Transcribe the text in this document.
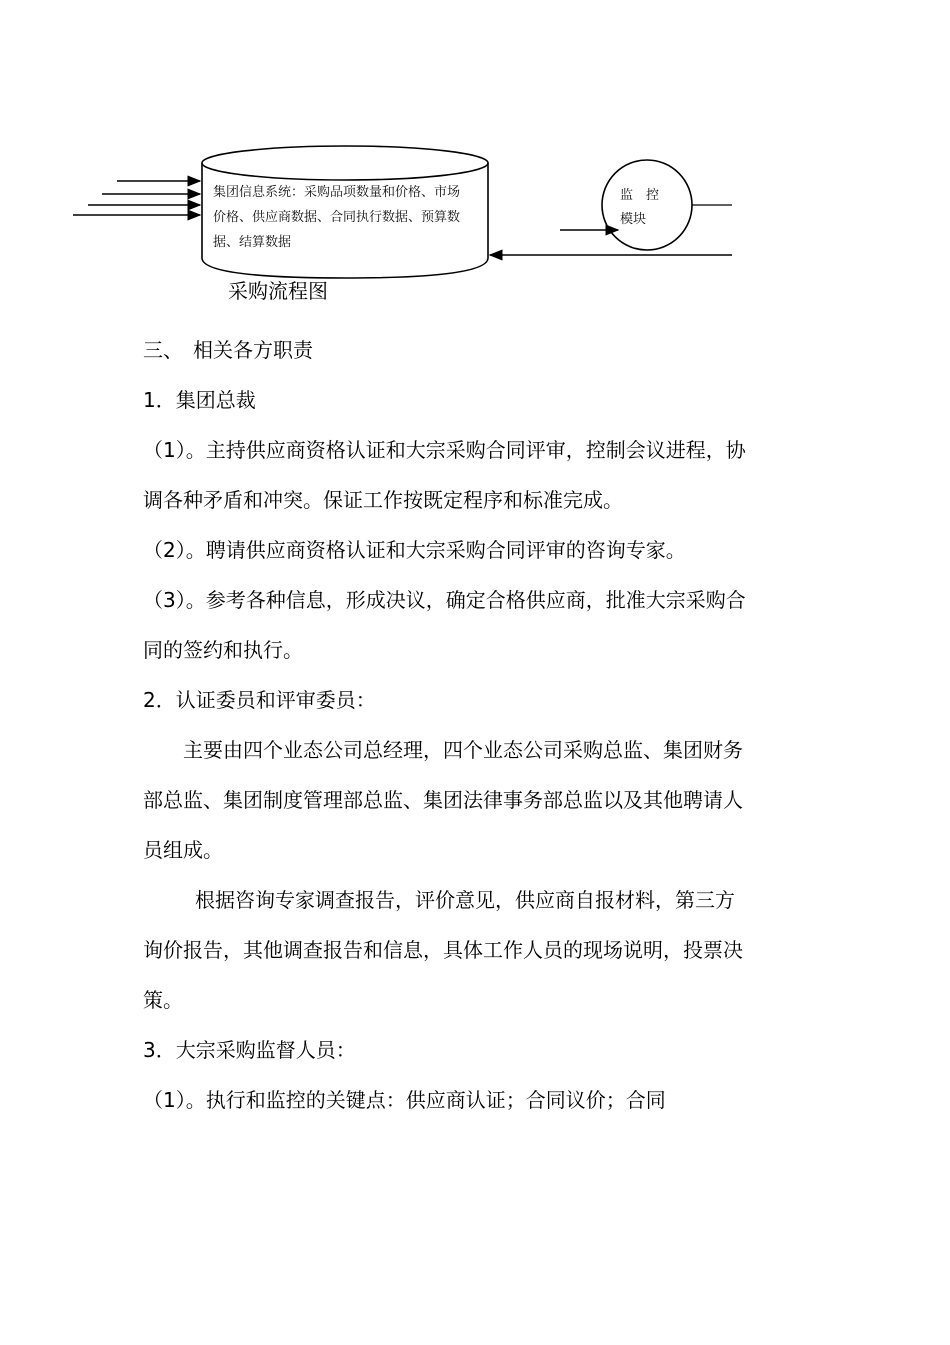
集团信息系统：采购品项数量和价格、市场价格、供应商数据、合同执行数据、预算数据、结算数据
监　控
模块
采购流程图

三、　相关各方职责

1．集团总裁

（1）。主持供应商资格认证和大宗采购合同评审，控制会议进程，协调各种矛盾和冲突。保证工作按既定程序和标准完成。

（2）。聘请供应商资格认证和大宗采购合同评审的咨询专家。

（3）。参考各种信息，形成决议，确定合格供应商，批准大宗采购合同的签约和执行。

2．认证委员和评审委员：

主要由四个业态公司总经理，四个业态公司采购总监、集团财务部总监、集团制度管理部总监、集团法律事务部总监以及其他聘请人员组成。

根据咨询专家调查报告，评价意见，供应商自报材料，第三方询价报告，其他调查报告和信息，具体工作人员的现场说明，投票决策。

3．大宗采购监督人员：

（1）。执行和监控的关键点：供应商认证；合同议价；合同
